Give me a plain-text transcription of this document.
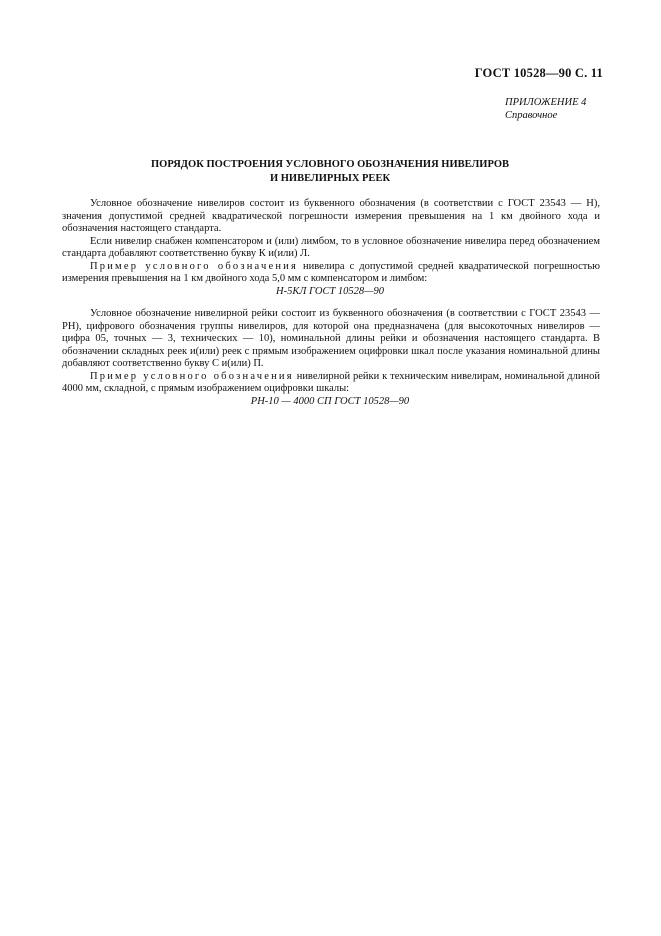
ГОСТ 10528—90 С. 11
ПРИЛОЖЕНИЕ 4
Справочное
ПОРЯДОК ПОСТРОЕНИЯ УСЛОВНОГО ОБОЗНАЧЕНИЯ НИВЕЛИРОВ
И НИВЕЛИРНЫХ РЕЕК

Условное обозначение нивелиров состоит из буквенного обозначения (в соответствии с ГОСТ 23543 — Н), значения допустимой средней квадратической погрешности измерения превышения на 1 км двойного хода и обозначения настоящего стандарта.

Если нивелир снабжен компенсатором и (или) лимбом, то в условное обозначение нивелира перед обозначением стандарта добавляют соответственно букву К и(или) Л.

Пример условного обозначения нивелира с допустимой средней квадратической погрешностью измерения превышения на 1 км двойного хода 5,0 мм с компенсатором и лимбом:

Н-5КЛ ГОСТ 10528—90

Условное обозначение нивелирной рейки состоит из буквенного обозначения (в соответствии с ГОСТ 23543 — РН), цифрового обозначения группы нивелиров, для которой она предназначена (для высокоточных нивелиров — цифра 05, точных — 3, технических — 10), номинальной длины рейки и обозначения настоящего стандарта. В обозначении складных реек и(или) реек с прямым изображением оцифровки шкал после указания номинальной длины добавляют соответственно букву С и(или) П.

Пример условного обозначения нивелирной рейки к техническим нивелирам, номинальной длиной 4000 мм, складной, с прямым изображением оцифровки шкалы:

РН-10 — 4000 СП ГОСТ 10528—90
